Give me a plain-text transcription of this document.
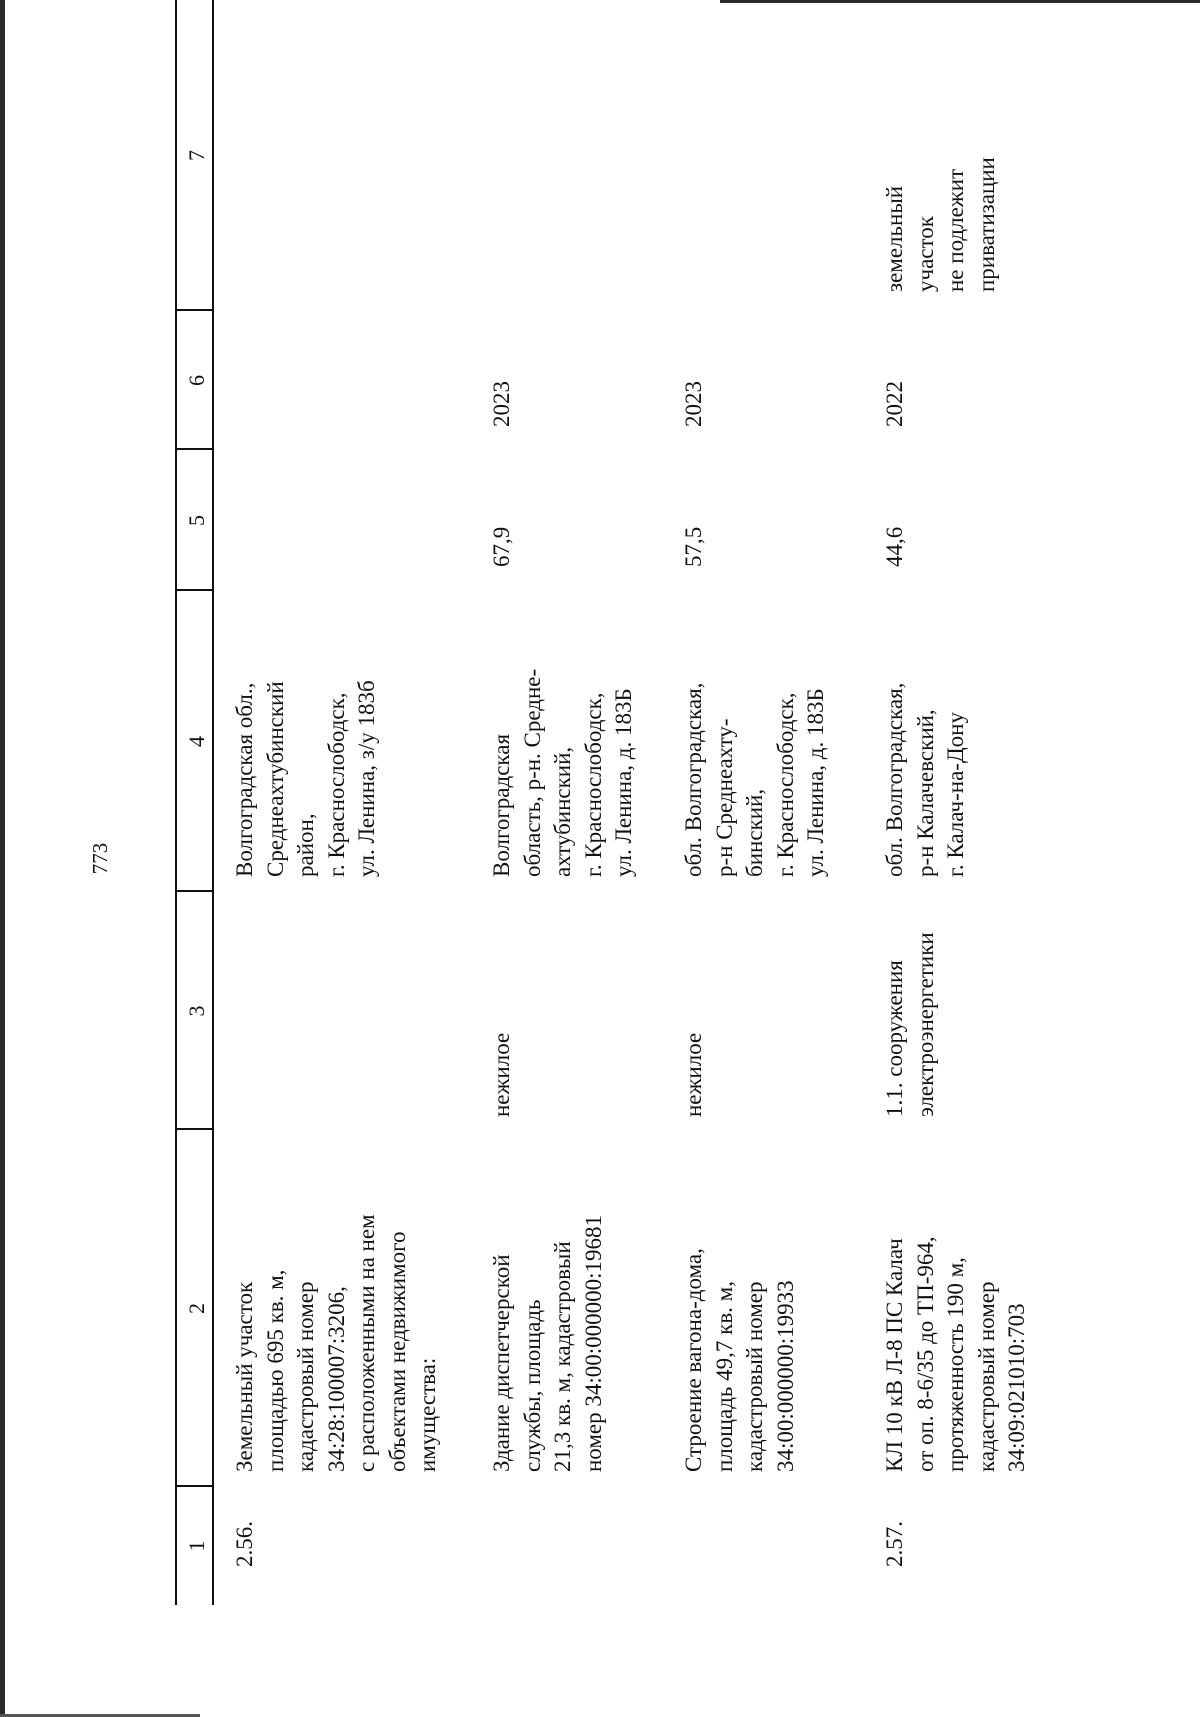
773
1
2
3
4
5
6
7
2.56.
Земельный участок
площадью 695 кв. м,
кадастровый номер
34:28:100007:3206,
с расположенными на нем
объектами недвижимого
имущества:
Волгоградская обл.,
Среднеахтубинский
район,
г. Краснослободск,
ул. Ленина, з/у 183б
Здание диспетчерской
службы, площадь
21,3 кв. м, кадастровый
номер 34:00:000000:19681
нежилое
Волгоградская
область, р-н. Средне-
ахтубинский,
г. Краснослободск,
ул. Ленина, д. 183Б
67,9
2023
Строение вагона-дома,
площадь 49,7 кв. м,
кадастровый номер
34:00:000000:19933
нежилое
обл. Волгоградская,
р-н Среднеахту-
бинский,
г. Краснослободск,
ул. Ленина, д. 183Б
57,5
2023
2.57.
КЛ 10 кВ Л-8 ПС Калач
от оп. 8-6/35 до ТП-964,
протяженность 190 м,
кадастровый номер
34:09:021010:703
1.1. сооружения
электроэнергетики
обл. Волгоградская,
р-н Калачевский,
г. Калач-на-Дону
44,6
2022
земельный
участок
не подлежит
приватизации
